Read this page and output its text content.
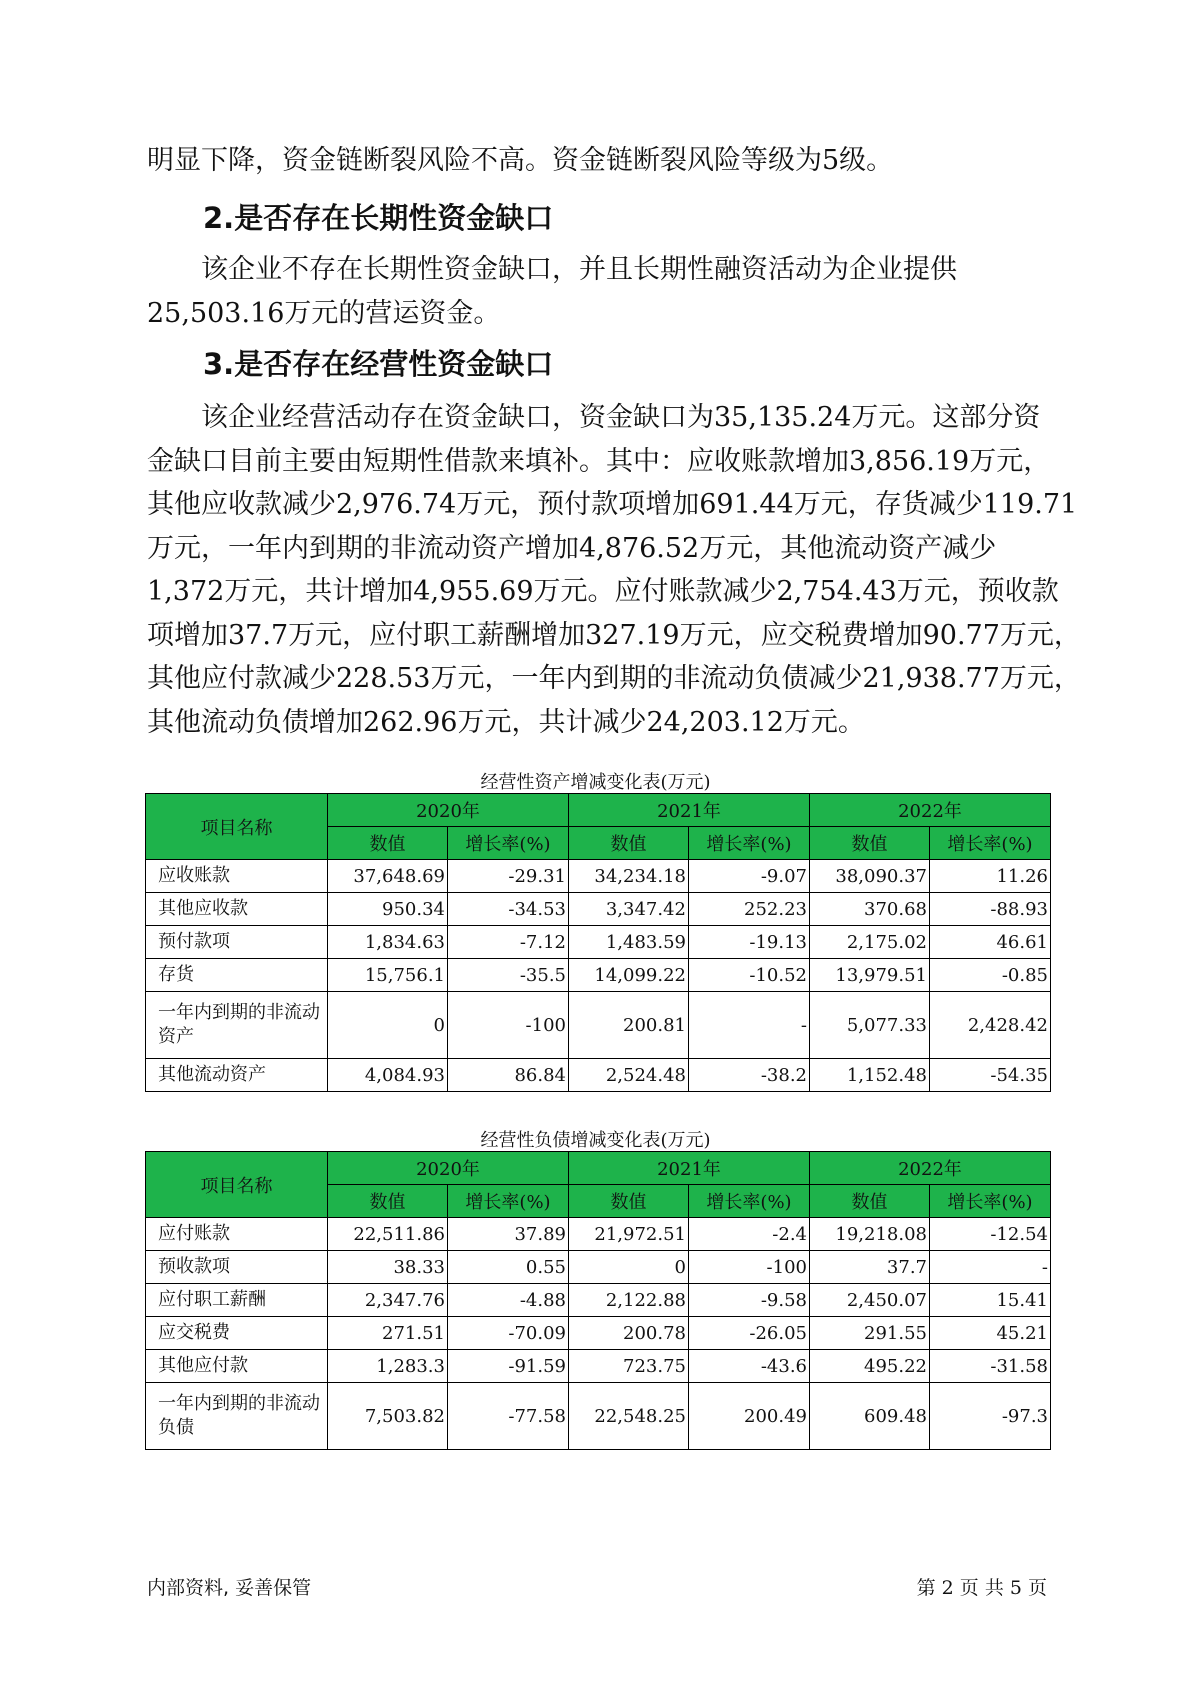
明显下降，资金链断裂风险不高。资金链断裂风险等级为5级。

2.是否存在长期性资金缺口

该企业不存在长期性资金缺口，并且长期性融资活动为企业提供
25,503.16万元的营运资金。

3.是否存在经营性资金缺口

该企业经营活动存在资金缺口，资金缺口为35,135.24万元。这部分资
金缺口目前主要由短期性借款来填补。其中：应收账款增加3,856.19万元，
其他应收款减少2,976.74万元，预付款项增加691.44万元，存货减少119.71
万元，一年内到期的非流动资产增加4,876.52万元，其他流动资产减少
1,372万元，共计增加4,955.69万元。应付账款减少2,754.43万元，预收款
项增加37.7万元，应付职工薪酬增加327.19万元，应交税费增加90.77万元，
其他应付款减少228.53万元，一年内到期的非流动负债减少21,938.77万元，
其他流动负债增加262.96万元，共计减少24,203.12万元。

经营性资产增减变化表(万元)
项目名称	2020年		2021年		2022年	
	数值	增长率(%)	数值	增长率(%)	数值	增长率(%)
应收账款	37,648.69	-29.31	34,234.18	-9.07	38,090.37	11.26
其他应收款	950.34	-34.53	3,347.42	252.23	370.68	-88.93
预付款项	1,834.63	-7.12	1,483.59	-19.13	2,175.02	46.61
存货	15,756.1	-35.5	14,099.22	-10.52	13,979.51	-0.85
一年内到期的非流动资产	0	-100	200.81	-	5,077.33	2,428.42
其他流动资产	4,084.93	86.84	2,524.48	-38.2	1,152.48	-54.35
经营性负债增减变化表(万元)
项目名称	2020年		2021年		2022年	
	数值	增长率(%)	数值	增长率(%)	数值	增长率(%)
应付账款	22,511.86	37.89	21,972.51	-2.4	19,218.08	-12.54
预收款项	38.33	0.55	0	-100	37.7	-
应付职工薪酬	2,347.76	-4.88	2,122.88	-9.58	2,450.07	15.41
应交税费	271.51	-70.09	200.78	-26.05	291.55	45.21
其他应付款	1,283.3	-91.59	723.75	-43.6	495.22	-31.58
一年内到期的非流动负债	7,503.82	-77.58	22,548.25	200.49	609.48	-97.3
内部资料, 妥善保管	第 2 页 共 5 页
